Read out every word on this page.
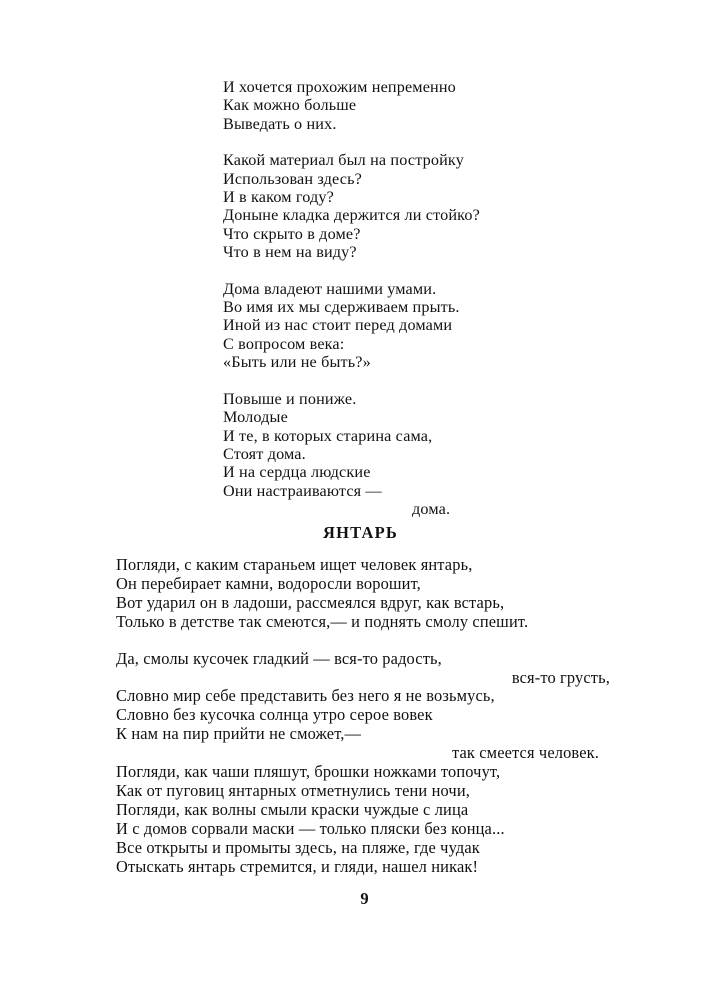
И хочется прохожим непременно
Как можно больше
Выведать о них.
Какой материал был на постройку
Использован здесь?
И в каком году?
Доныне кладка держится ли стойко?
Что скрыто в доме?
Что в нем на виду?
Дома владеют нашими умами.
Во имя их мы сдерживаем прыть.
Иной из нас стоит перед домами
С вопросом века:
«Быть или не быть?»
Повыше и пониже.
Молодые
И те, в которых старина сама,
Стоят дома.
И на сердца людские
Они настраиваются —
дома.
ЯНТАРЬ
Погляди, с каким стараньем ищет человек янтарь,
Он перебирает камни, водоросли ворошит,
Вот ударил он в ладоши, рассмеялся вдруг, как встарь,
Только в детстве так смеются,— и поднять смолу спешит.
Да, смолы кусочек гладкий — вся-то радость,
вся-то грусть,
Словно мир себе представить без него я не возьмусь,
Словно без кусочка солнца утро серое вовек
К нам на пир прийти не сможет,—
так смеется человек.
Погляди, как чаши пляшут, брошки ножками топочут,
Как от пуговиц янтарных отметнулись тени ночи,
Погляди, как волны смыли краски чуждые с лица
И с домов сорвали маски — только пляски без конца...
Все открыты и промыты здесь, на пляже, где чудак
Отыскать янтарь стремится, и гляди, нашел никак!
9
